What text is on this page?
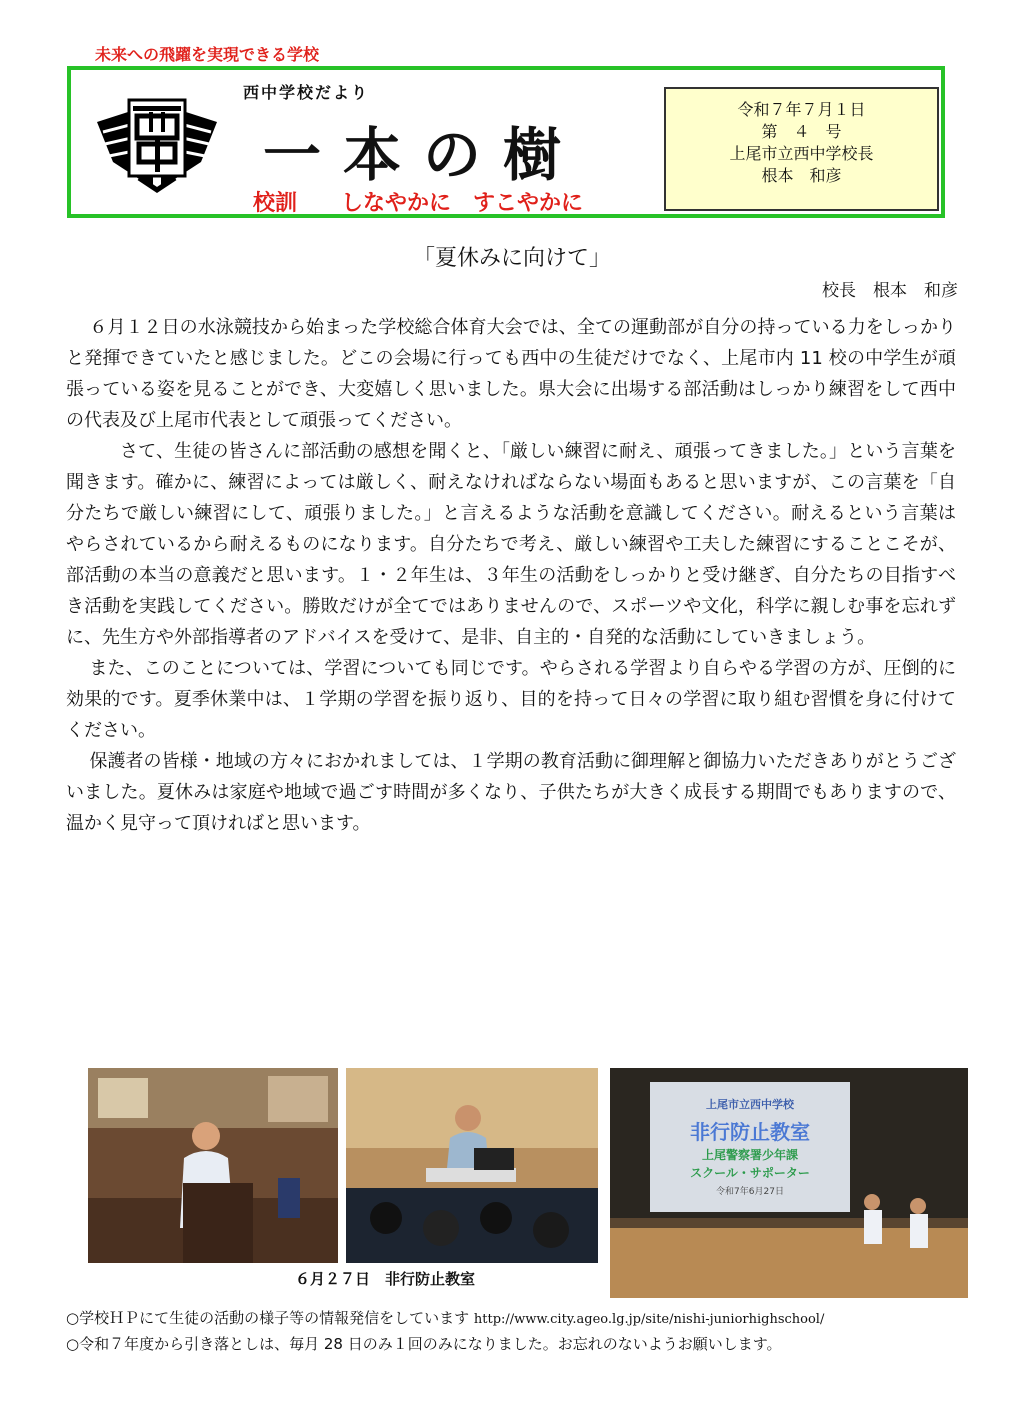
未来への飛躍を実現できる学校
西中学校だより
一本の樹
校訓　　しなやかに　すこやかに
令和７年７月１日
第　４　号
上尾市立西中学校長
根本　和彦
「夏休みに向けて」
校長　根本　和彦

６月１２日の水泳競技から始まった学校総合体育大会では、全ての運動部が自分の持っている力をしっかりと発揮できていたと感じました。どこの会場に行っても西中の生徒だけでなく、上尾市内 11 校の中学生が頑張っている姿を見ることができ、大変嬉しく思いました。県大会に出場する部活動はしっかり練習をして西中の代表及び上尾市代表として頑張ってください。

さて、生徒の皆さんに部活動の感想を聞くと、「厳しい練習に耐え、頑張ってきました。」という言葉を聞きます。確かに、練習によっては厳しく、耐えなければならない場面もあると思いますが、この言葉を「自分たちで厳しい練習にして、頑張りました。」と言えるような活動を意識してください。耐えるという言葉はやらされているから耐えるものになります。自分たちで考え、厳しい練習や工夫した練習にすることこそが、部活動の本当の意義だと思います。１・２年生は、３年生の活動をしっかりと受け継ぎ、自分たちの目指すべき活動を実践してください。勝敗だけが全てではありませんので、スポーツや文化，科学に親しむ事を忘れずに、先生方や外部指導者のアドバイスを受けて、是非、自主的・自発的な活動にしていきましょう。

また、このことについては、学習についても同じです。やらされる学習より自らやる学習の方が、圧倒的に効果的です。夏季休業中は、１学期の学習を振り返り、目的を持って日々の学習に取り組む習慣を身に付けてください。

保護者の皆様・地域の方々におかれましては、１学期の教育活動に御理解と御協力いただきありがとうございました。夏休みは家庭や地域で過ごす時間が多くなり、子供たちが大きく成長する期間でもありますので、温かく見守って頂ければと思います。

上尾市立西中学校
非行防止教室
上尾警察署少年課
スクール・サポーター
令和7年6月27日
６月２７日　非行防止教室
○学校ＨＰにて生徒の活動の様子等の情報発信をしています http://www.city.ageo.lg.jp/site/nishi-juniorhighschool/
○令和７年度から引き落としは、毎月 28 日のみ１回のみになりました。お忘れのないようお願いします。
